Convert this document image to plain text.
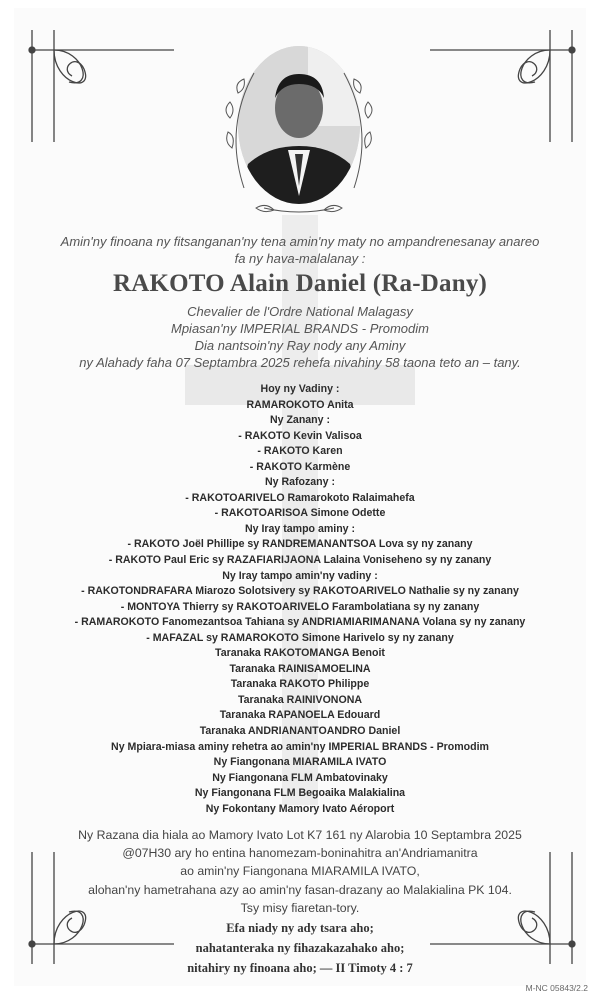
Amin'ny finoana ny fitsanganan'ny tena amin'ny maty no ampandrenesanay anareo
fa ny hava-malalanay :
RAKOTO Alain Daniel (Ra-Dany)
Chevalier de l'Ordre National Malagasy
Mpiasan'ny IMPERIAL BRANDS - Promodim
Dia nantsoin'ny Ray nody any Aminy
ny Alahady faha 07 Septambra 2025 rehefa nivahiny 58 taona teto an – tany.
Hoy ny Vadiny :
RAMAROKOTO Anita
Ny Zanany :
- RAKOTO Kevin Valisoa
- RAKOTO Karen
- RAKOTO Karmène
Ny Rafozany :
- RAKOTOARIVELO Ramarokoto Ralaimahefa
- RAKOTOARISOA Simone Odette
Ny Iray tampo aminy :
- RAKOTO Joël Phillipe sy RANDREMANANTSOA Lova sy ny zanany
- RAKOTO Paul Eric sy RAZAFIARIJAONA Lalaina Voniseheno sy ny zanany
Ny Iray tampo amin'ny vadiny :
- RAKOTONDRAFARA Miarozo Solotsivery sy RAKOTOARIVELO Nathalie sy ny zanany
- MONTOYA Thierry sy RAKOTOARIVELO Farambolatiana sy ny zanany
- RAMAROKOTO Fanomezantsoa Tahiana sy ANDRIAMIARIMANANA Volana sy ny zanany
- MAFAZAL sy RAMAROKOTO Simone Harivelo sy ny zanany
Taranaka RAKOTOMANGA Benoit
Taranaka RAINISAMOELINA
Taranaka RAKOTO Philippe
Taranaka RAINIVONONA
Taranaka RAPANOELA Edouard
Taranaka ANDRIANANTOANDRO Daniel
Ny Mpiara-miasa aminy rehetra ao amin'ny IMPERIAL BRANDS - Promodim
Ny Fiangonana MIARAMILA IVATO
Ny Fiangonana FLM Ambatovinaky
Ny Fiangonana FLM Begoaika Malakialina
Ny Fokontany Mamory Ivato Aéroport
Ny Razana dia hiala ao Mamory Ivato Lot K7 161 ny Alarobia 10 Septambra 2025
@07H30 ary ho entina hanomezam-boninahitra an'Andriamanitra
ao amin'ny Fiangonana MIARAMILA IVATO,
alohan'ny hametrahana azy ao amin'ny fasan-drazany ao Malakialina PK 104.
Tsy misy fiaretan-tory.
Efa niady ny ady tsara aho;
nahatanteraka ny fihazakazahako aho;
nitahiry ny finoana aho; — II Timoty 4 : 7
M-NC 05843/2.2
